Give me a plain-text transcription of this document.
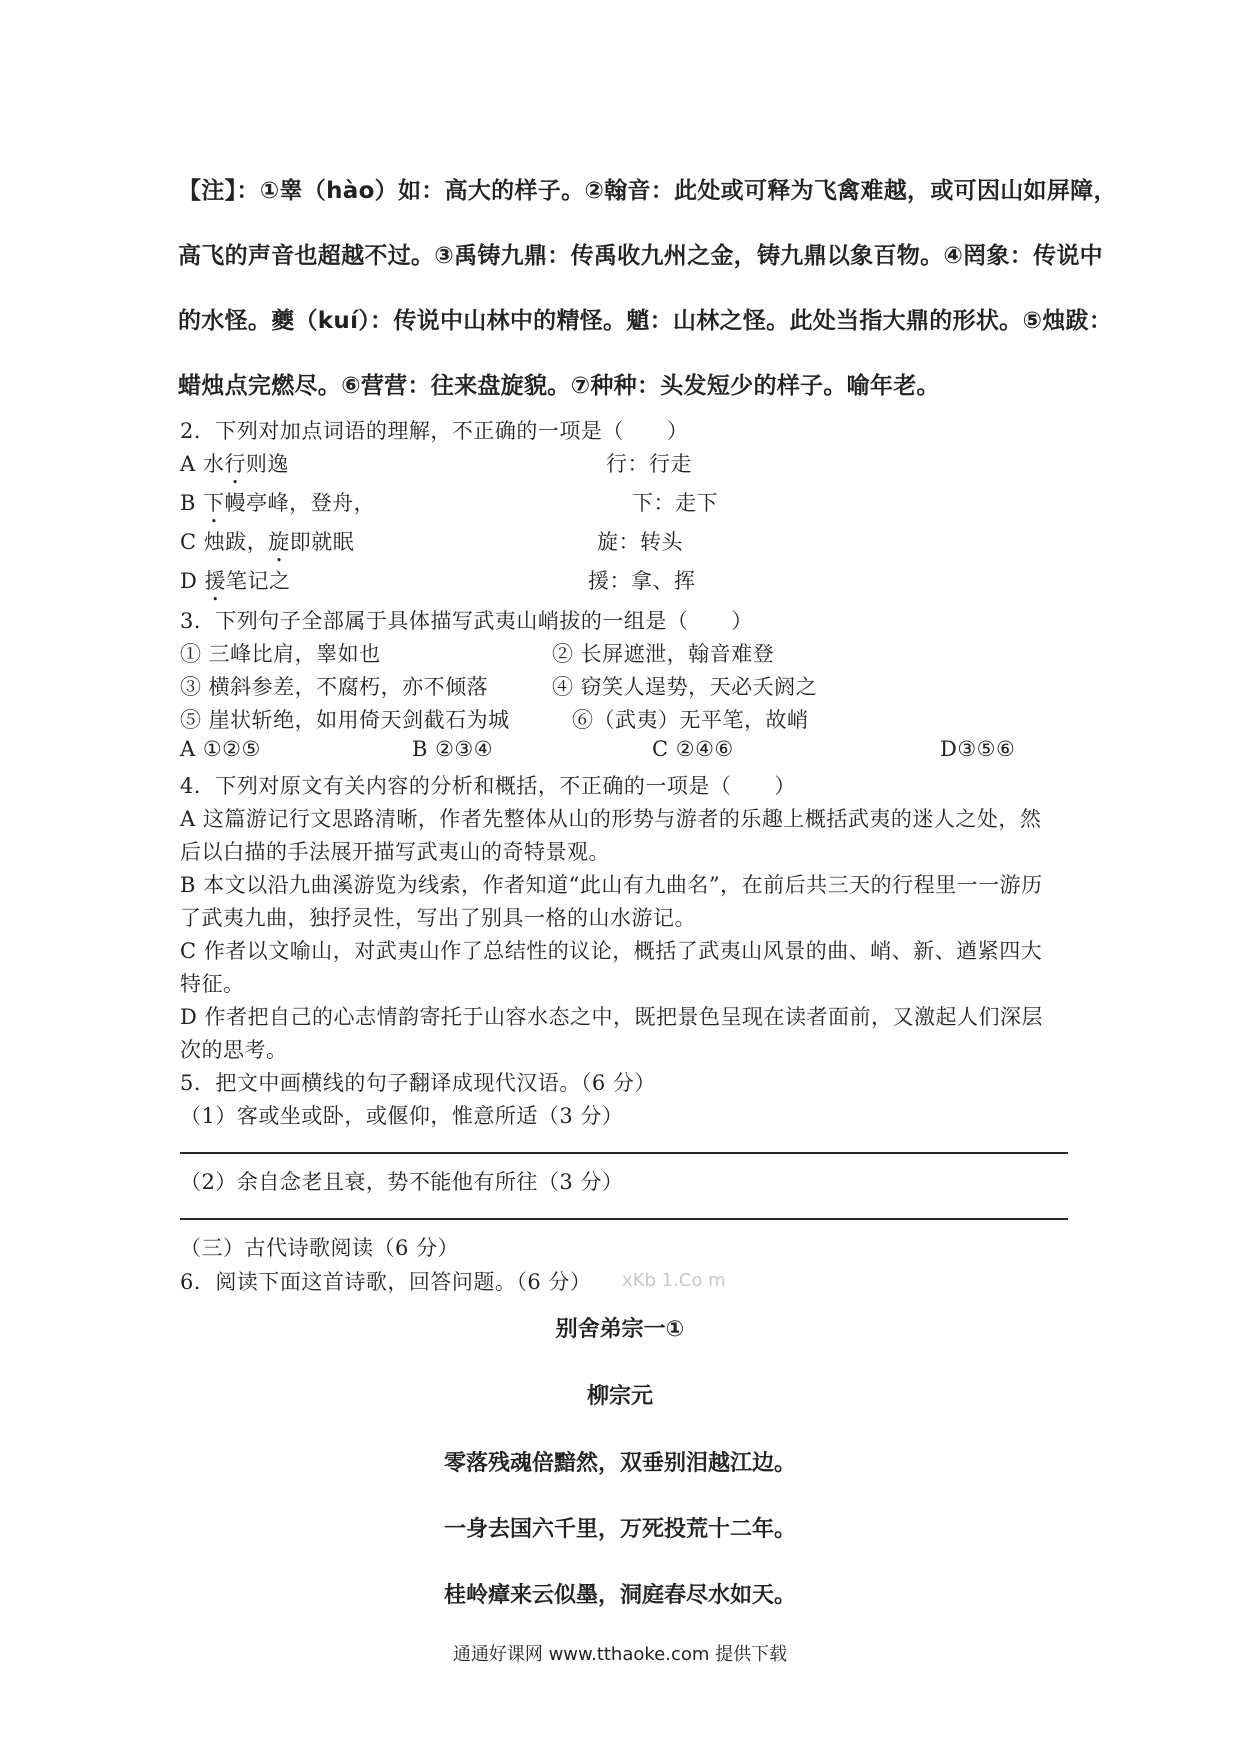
【注】：①睾（hào）如：高大的样子。②翰音：此处或可释为飞禽难越，或可因山如屏障，
高飞的声音也超越不过。③禹铸九鼎：传禹收九州之金，铸九鼎以象百物。④罔象：传说中
的水怪。夔（kuí）：传说中山林中的精怪。魈：山林之怪。此处当指大鼎的形状。⑤烛跋：
蜡烛点完燃尽。⑥营营：往来盘旋貌。⑦种种：头发短少的样子。喻年老。
2．下列对加点词语的理解，不正确的一项是（　　）
A 水行则逸	行：行走
B 下幔亭峰，登舟，	下：走下
C 烛跋，旋即就眠	旋：转头
D 援笔记之	援：拿、挥
3．下列句子全部属于具体描写武夷山峭拔的一组是（　　）
① 三峰比肩，睾如也	② 长屏遮泄，翰音难登
③ 横斜参差，不腐朽，亦不倾落	④ 窃笑人逞势，天必夭阏之
⑤ 崖状斩绝，如用倚天剑截石为城	⑥（武夷）无平笔，故峭
A ①②⑤	B ②③④	C ②④⑥	D③⑤⑥
4．下列对原文有关内容的分析和概括，不正确的一项是（　　）
A 这篇游记行文思路清晰，作者先整体从山的形势与游者的乐趣上概括武夷的迷人之处，然
后以白描的手法展开描写武夷山的奇特景观。
B 本文以沿九曲溪游览为线索，作者知道“此山有九曲名”，在前后共三天的行程里一一游历
了武夷九曲，独抒灵性，写出了别具一格的山水游记。
C 作者以文喻山，对武夷山作了总结性的议论，概括了武夷山风景的曲、峭、新、遒紧四大
特征。
D 作者把自己的心志情韵寄托于山容水态之中，既把景色呈现在读者面前，又激起人们深层
次的思考。
5．把文中画横线的句子翻译成现代汉语。（6 分）
（1）客或坐或卧，或偃仰，惟意所适（3 分）
（2）余自念老且衰，势不能他有所往（3 分）
（三）古代诗歌阅读（6 分）
6．阅读下面这首诗歌，回答问题。（6 分） xKb 1.Co m
别舍弟宗一①
柳宗元
零落残魂倍黯然，双垂别泪越江边。
一身去国六千里，万死投荒十二年。
桂岭瘴来云似墨，洞庭春尽水如天。
通通好课网 www.tthaoke.com 提供下载
